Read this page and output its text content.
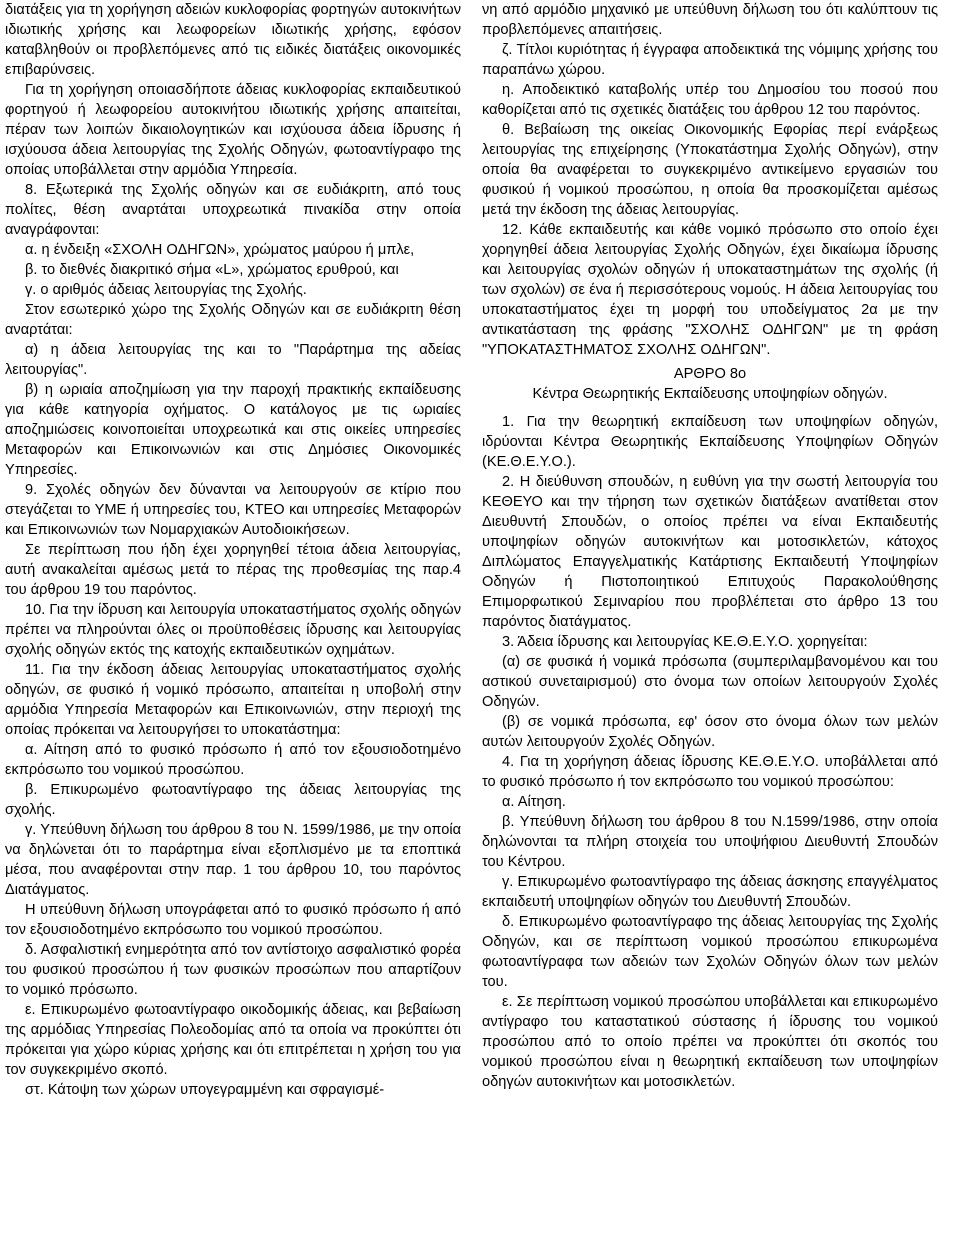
διατάξεις για τη χορήγηση αδειών κυκλοφορίας φορτηγών αυτοκινήτων ιδιωτικής χρήσης και λεωφορείων ιδιωτικής χρήσης, εφόσον καταβληθούν οι προβλεπόμενες από τις ειδικές διατάξεις οικονομικές επιβαρύνσεις.

Για τη χορήγηση οποιασδήποτε άδειας κυκλοφορίας εκπαιδευτικού φορτηγού ή λεωφορείου αυτοκινήτου ιδιωτικής χρήσης απαιτείται, πέραν των λοιπών δικαιολογητικών και ισχύουσα άδεια ίδρυσης ή ισχύουσα άδεια λειτουργίας της Σχολής Οδηγών, φωτοαντίγραφο της οποίας υποβάλλεται στην αρμόδια Υπηρεσία.

8. Εξωτερικά της Σχολής οδηγών και σε ευδιάκριτη, από τους πολίτες, θέση αναρτάται υποχρεωτικά πινακίδα στην οποία αναγράφονται:

α. η ένδειξη «ΣΧΟΛΗ ΟΔΗΓΩΝ», χρώματος μαύρου ή μπλε,

β. το διεθνές διακριτικό σήμα «L», χρώματος ερυθρού, και

γ. ο αριθμός άδειας λειτουργίας της Σχολής.

Στον εσωτερικό χώρο της Σχολής Οδηγών και σε ευδιάκριτη θέση αναρτάται:

α) η άδεια λειτουργίας της και το "Παράρτημα της αδείας λειτουργίας".

β) η ωριαία αποζημίωση για την παροχή πρακτικής εκπαίδευσης για κάθε κατηγορία οχήματος. Ο κατάλογος με τις ωριαίες αποζημιώσεις κοινοποιείται υποχρεωτικά και στις οικείες υπηρεσίες Μεταφορών και Επικοινωνιών και στις Δημόσιες Οικονομικές Υπηρεσίες.

9. Σχολές οδηγών δεν δύνανται να λειτουργούν σε κτίριο που στεγάζεται το ΥΜΕ ή υπηρεσίες του, ΚΤΕΟ και υπηρεσίες Μεταφορών και Επικοινωνιών των Νομαρχιακών Αυτοδιοικήσεων.

Σε περίπτωση που ήδη έχει χορηγηθεί τέτοια άδεια λειτουργίας, αυτή ανακαλείται αμέσως μετά το πέρας της προθεσμίας της παρ.4 του άρθρου 19 του παρόντος.

10. Για την ίδρυση και λειτουργία υποκαταστήματος σχολής οδηγών πρέπει να πληρούνται όλες οι προϋποθέσεις ίδρυσης και λειτουργίας σχολής οδηγών εκτός της κατοχής εκπαιδευτικών οχημάτων.

11. Για την έκδοση άδειας λειτουργίας υποκαταστήματος σχολής οδηγών, σε φυσικό ή νομικό πρόσωπο, απαιτείται η υποβολή στην αρμόδια Υπηρεσία Μεταφορών και Επικοινωνιών, στην περιοχή της οποίας πρόκειται να λειτουργήσει το υποκατάστημα:

α. Αίτηση από το φυσικό πρόσωπο ή από τον εξουσιοδοτημένο εκπρόσωπο του νομικού προσώπου.

β. Επικυρωμένο φωτοαντίγραφο της άδειας λειτουργίας της σχολής.

γ. Υπεύθυνη δήλωση του άρθρου 8 του Ν. 1599/1986, με την οποία να δηλώνεται ότι το παράρτημα είναι εξοπλισμένο με τα εποπτικά μέσα, που αναφέρονται στην παρ. 1 του άρθρου 10, του παρόντος Διατάγματος.

Η υπεύθυνη δήλωση υπογράφεται από το φυσικό πρόσωπο ή από τον εξουσιοδοτημένο εκπρόσωπο του νομικού προσώπου.

δ. Ασφαλιστική ενημερότητα από τον αντίστοιχο ασφαλιστικό φορέα του φυσικού προσώπου ή των φυσικών προσώπων που απαρτίζουν το νομικό πρόσωπο.

ε. Επικυρωμένο φωτοαντίγραφο οικοδομικής άδειας, και βεβαίωση της αρμόδιας Υπηρεσίας Πολεοδομίας από τα οποία να προκύπτει ότι πρόκειται για χώρο κύριας χρήσης και ότι επιτρέπεται η χρήση του για τον συγκεκριμένο σκοπό.

στ. Κάτοψη των χώρων υπογεγραμμένη και σφραγισμέ-

νη από αρμόδιο μηχανικό με υπεύθυνη δήλωση του ότι καλύπτουν τις προβλεπόμενες απαιτήσεις.

ζ. Τίτλοι κυριότητας ή έγγραφα αποδεικτικά της νόμιμης χρήσης του παραπάνω χώρου.

η. Αποδεικτικό καταβολής υπέρ του Δημοσίου του ποσού που καθορίζεται από τις σχετικές διατάξεις του άρθρου 12 του παρόντος.

θ. Βεβαίωση της οικείας Οικονομικής Εφορίας περί ενάρξεως λειτουργίας της επιχείρησης (Υποκατάστημα Σχολής Οδηγών), στην οποία θα αναφέρεται το συγκεκριμένο αντικείμενο εργασιών του φυσικού ή νομικού προσώπου, η οποία θα προσκομίζεται αμέσως μετά την έκδοση της άδειας λειτουργίας.

12. Κάθε εκπαιδευτής και κάθε νομικό πρόσωπο στο οποίο έχει χορηγηθεί άδεια λειτουργίας Σχολής Οδηγών, έχει δικαίωμα ίδρυσης και λειτουργίας σχολών οδηγών ή υποκαταστημάτων της σχολής (ή των σχολών) σε ένα ή περισσότερους νομούς. Η άδεια λειτουργίας του υποκαταστήματος έχει τη μορφή του υποδείγματος 2α με την αντικατάσταση της φράσης "ΣΧΟΛΗΣ ΟΔΗΓΩΝ" με τη φράση "ΥΠΟΚΑΤΑΣΤΗΜΑΤΟΣ ΣΧΟΛΗΣ ΟΔΗΓΩΝ".

ΑΡΘΡΟ 8ο

Κέντρα Θεωρητικής Εκπαίδευσης υποψηφίων οδηγών.

1. Για την θεωρητική εκπαίδευση των υποψηφίων οδηγών, ιδρύονται Κέντρα Θεωρητικής Εκπαίδευσης Υποψηφίων Οδηγών (ΚΕ.Θ.Ε.Υ.Ο.).

2. Η διεύθυνση σπουδών, η ευθύνη για την σωστή λειτουργία του ΚΕΘΕΥΟ και την τήρηση των σχετικών διατάξεων ανατίθεται στον Διευθυντή Σπουδών, ο οποίος πρέπει να είναι Εκπαιδευτής υποψηφίων οδηγών αυτοκινήτων και μοτοσικλετών, κάτοχος Διπλώματος Επαγγελματικής Κατάρτισης Εκπαιδευτή Υποψηφίων Οδηγών ή Πιστοποιητικού Επιτυχούς Παρακολούθησης Επιμορφωτικού Σεμιναρίου που προβλέπεται στο άρθρο 13 του παρόντος διατάγματος.

3. Άδεια ίδρυσης και λειτουργίας ΚΕ.Θ.Ε.Υ.Ο. χορηγείται:

(α) σε φυσικά ή νομικά πρόσωπα (συμπεριλαμβανομένου και του αστικού συνεταιρισμού) στο όνομα των οποίων λειτουργούν Σχολές Οδηγών.

(β) σε νομικά πρόσωπα, εφ' όσον στο όνομα όλων των μελών αυτών λειτουργούν Σχολές Οδηγών.

4. Για τη χορήγηση άδειας ίδρυσης ΚΕ.Θ.Ε.Υ.Ο. υποβάλλεται από το φυσικό πρόσωπο ή τον εκπρόσωπο του νομικού προσώπου:

α. Αίτηση.

β. Υπεύθυνη δήλωση του άρθρου 8 του Ν.1599/1986, στην οποία δηλώνονται τα πλήρη στοιχεία του υποψήφιου Διευθυντή Σπουδών του Κέντρου.

γ. Επικυρωμένο φωτοαντίγραφο της άδειας άσκησης επαγγέλματος εκπαιδευτή υποψηφίων οδηγών του Διευθυντή Σπουδών.

δ. Επικυρωμένο φωτοαντίγραφο της άδειας λειτουργίας της Σχολής Οδηγών, και σε περίπτωση νομικού προσώπου επικυρωμένα φωτοαντίγραφα των αδειών των Σχολών Οδηγών όλων των μελών του.

ε. Σε περίπτωση νομικού προσώπου υποβάλλεται και επικυρωμένο αντίγραφο του καταστατικού σύστασης ή ίδρυσης του νομικού προσώπου από το οποίο πρέπει να προκύπτει ότι σκοπός του νομικού προσώπου είναι η θεωρητική εκπαίδευση των υποψηφίων οδηγών αυτοκινήτων και μοτοσικλετών.
